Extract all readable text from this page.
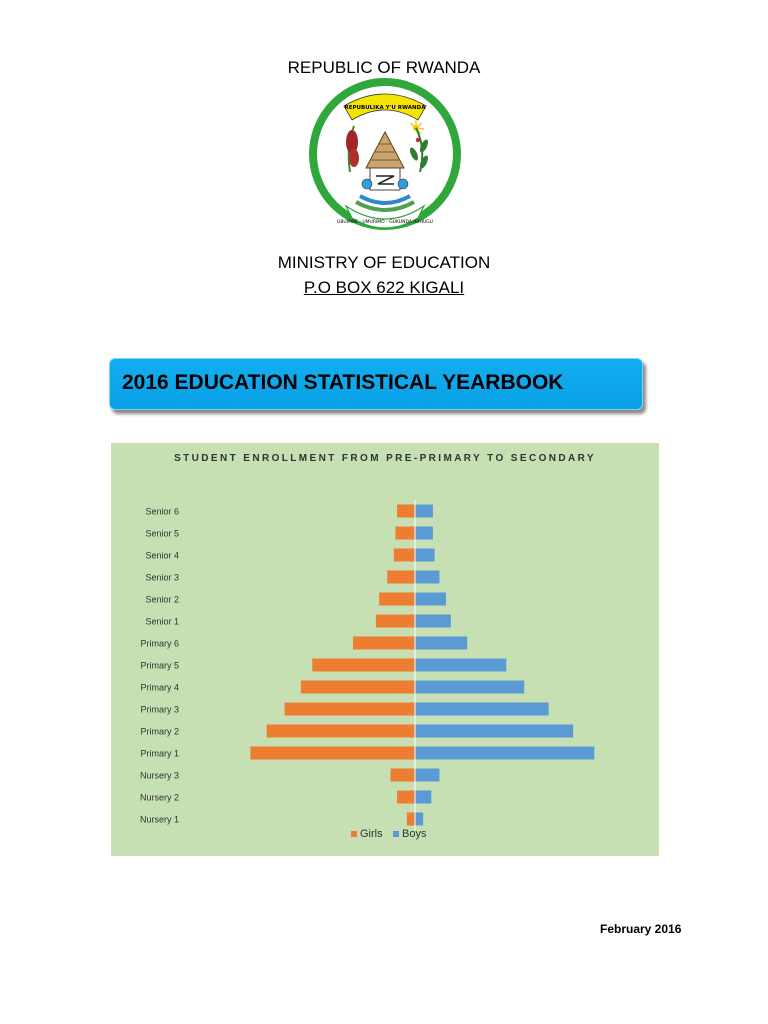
REPUBLIC OF RWANDA
REPUBULIKA Y'U RWANDA
UBUMWE - UMURIMO - GUKUNDA IGIHUGU
MINISTRY OF EDUCATION
P.O BOX 622 KIGALI
2016 EDUCATION STATISTICAL YEARBOOK
STUDENT ENROLLMENT FROM PRE-PRIMARY TO SECONDARY
Senior 6
Senior 5
Senior 4
Senior 3
Senior 2
Senior 1
Primary 6
Primary 5
Primary 4
Primary 3
Primary 2
Primary 1
Nursery 3
Nursery 2
Nursery 1
Girls Boys
February 2016
